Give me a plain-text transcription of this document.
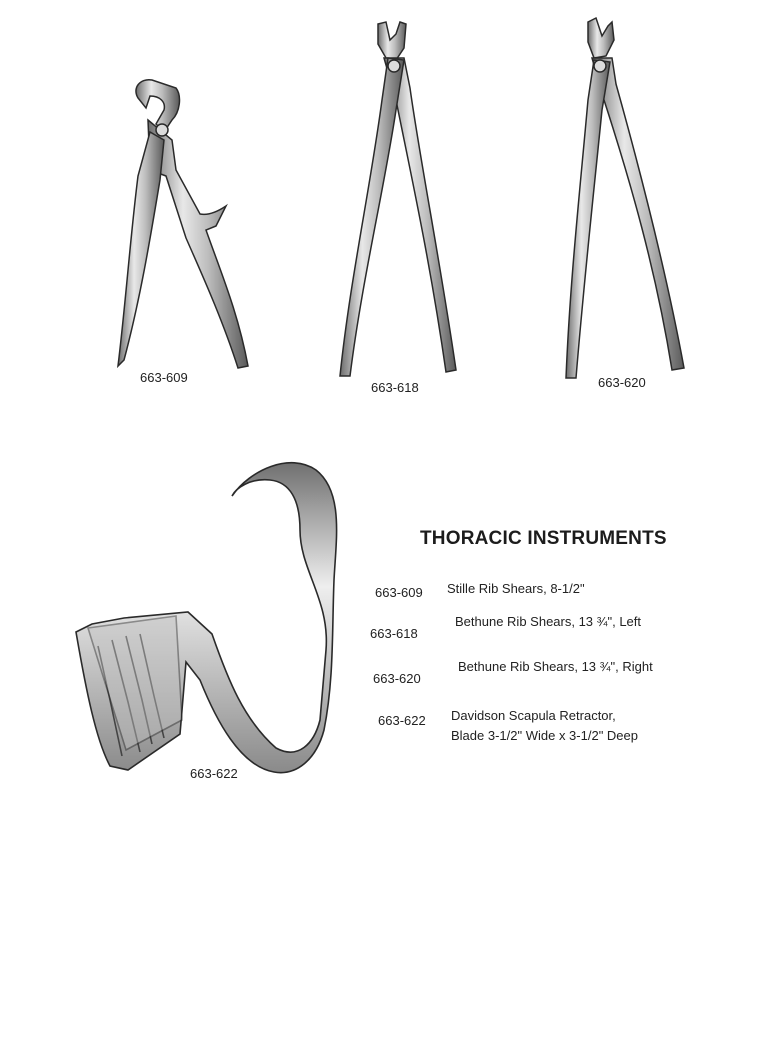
663-609
663-618	663-620
663-622
THORACIC INSTRUMENTS
663-609 Stille Rib Shears, 8-1/2"
663-618
Bethune Rib Shears, 13 ¾", Left
663-620
Bethune Rib Shears, 13 ¾", Right
663-622 Davidson Scapula Retractor,
Blade 3-1/2" Wide x 3-1/2" Deep
